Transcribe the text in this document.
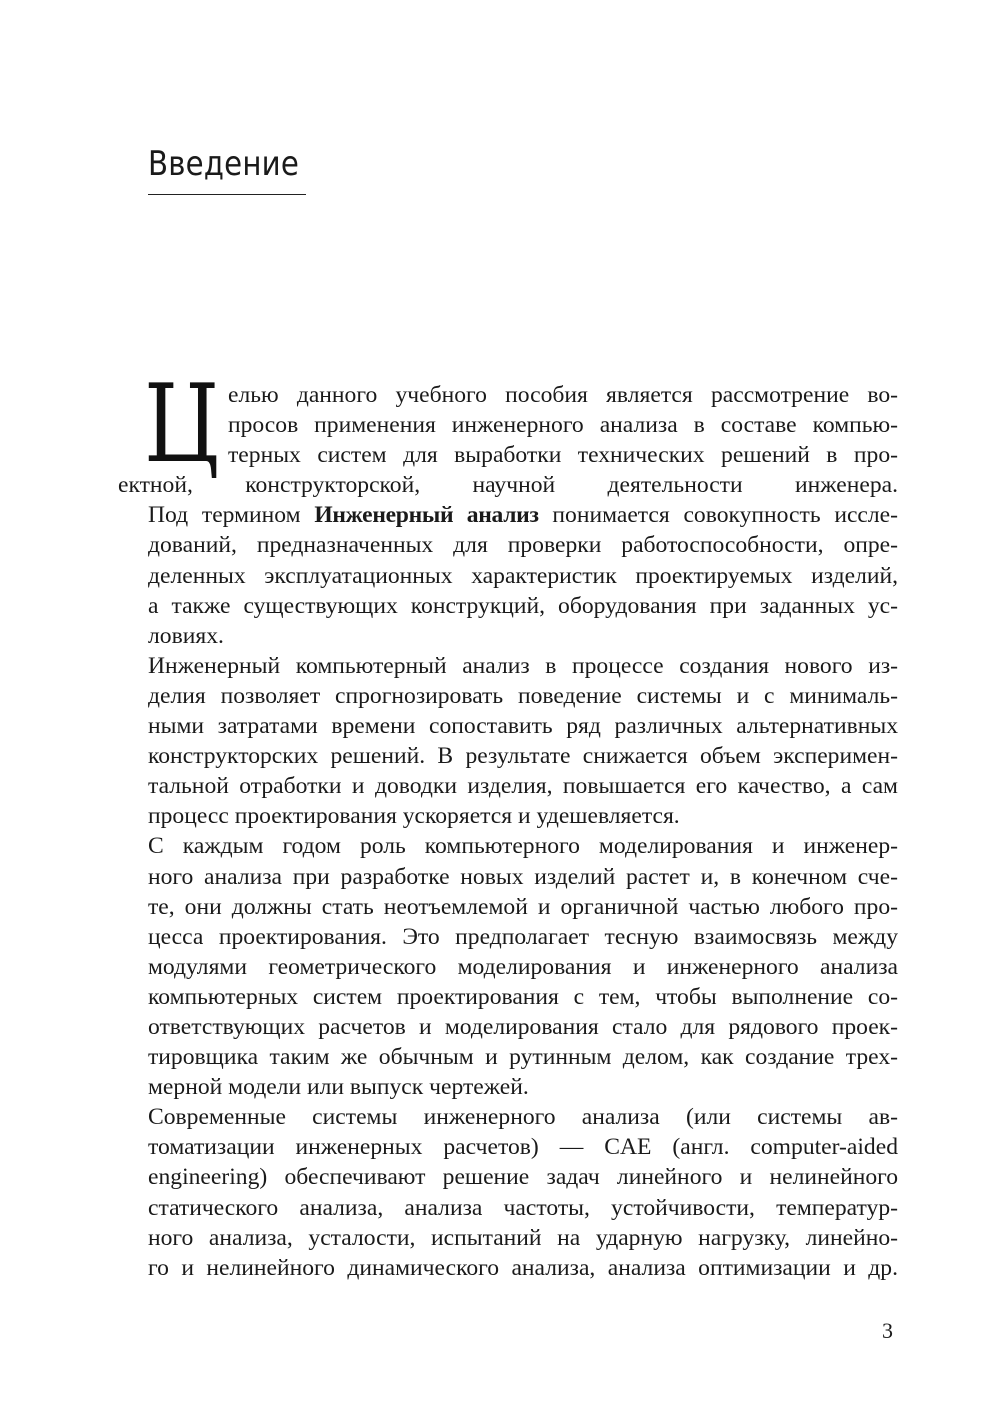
Введение

Ц елью данного учебного пособия является рассмотрение во-
просов применения инженерного анализа в составе компью-
терных систем для выработки технических решений в про-
ектной, конструкторской, научной деятельности инженера.

Под термином Инженерный анализ понимается совокупность иссле-
дований, предназначенных для проверки работоспособности, опре-
деленных эксплуатационных характеристик проектируемых изделий,
а также существующих конструкций, оборудования при заданных ус-
ловиях.

Инженерный компьютерный анализ в процессе создания нового из-
делия позволяет спрогнозировать поведение системы и с минималь-
ными затратами времени сопоставить ряд различных альтернативных
конструкторских решений. В результате снижается объем эксперимен-
тальной отработки и доводки изделия, повышается его качество, а сам
процесс проектирования ускоряется и удешевляется.

С каждым годом роль компьютерного моделирования и инженер-
ного анализа при разработке новых изделий растет и, в конечном сче-
те, они должны стать неотъемлемой и органичной частью любого про-
цесса проектирования. Это предполагает тесную взаимосвязь между
модулями геометрического моделирования и инженерного анализа
компьютерных систем проектирования с тем, чтобы выполнение со-
ответствующих расчетов и моделирования стало для рядового проек-
тировщика таким же обычным и рутинным делом, как создание трех-
мерной модели или выпуск чертежей.

Современные системы инженерного анализа (или системы ав-
томатизации инженерных расчетов) — CAE (англ. computer-aided
engineering) обеспечивают решение задач линейного и нелинейного
статического анализа, анализа частоты, устойчивости, температур-
ного анализа, усталости, испытаний на ударную нагрузку, линейно-
го и нелинейного динамического анализа, анализа оптимизации и др.

3
